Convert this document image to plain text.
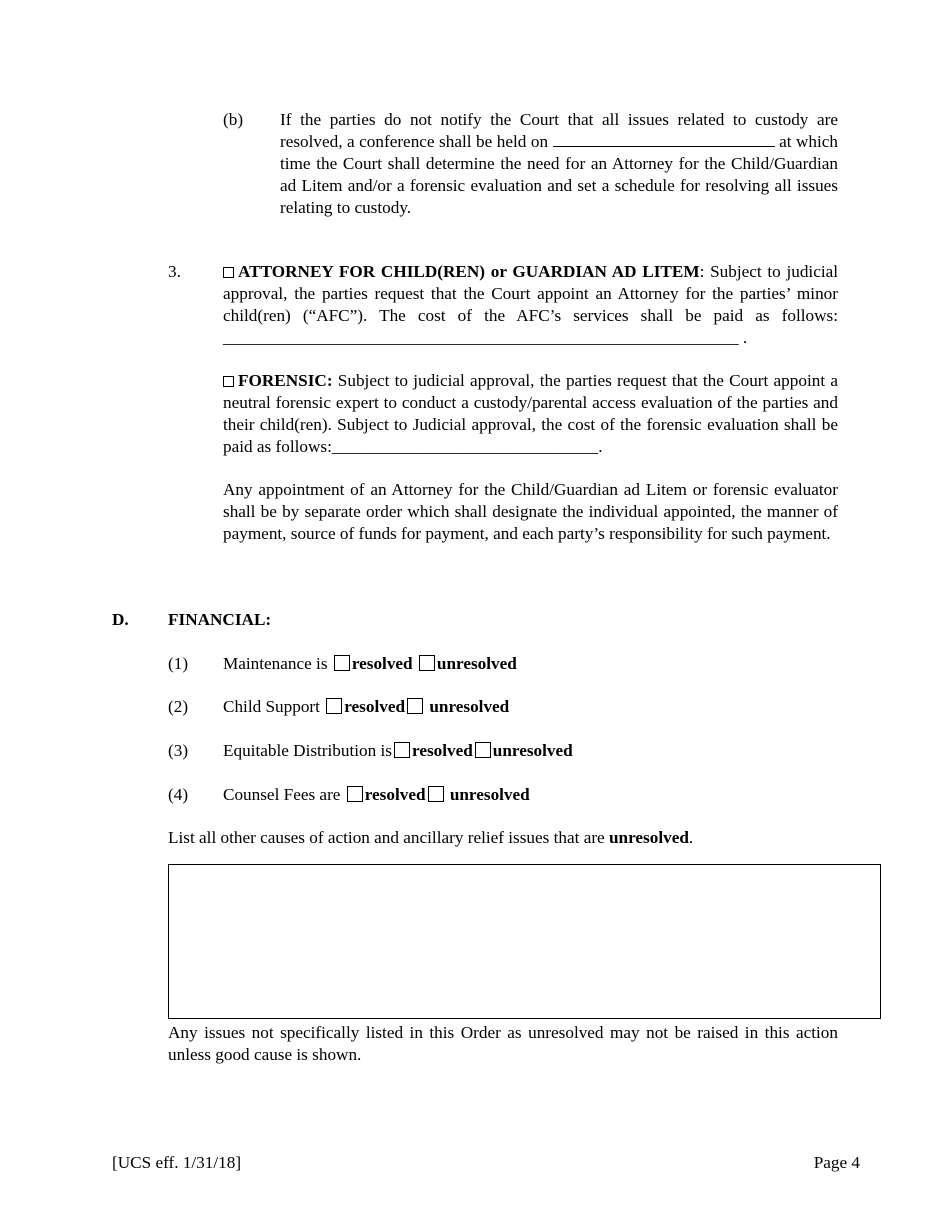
(b) If the parties do not notify the Court that all issues related to custody are resolved, a conference shall be held on	at which time the Court shall determine the need for an Attorney for the Child/Guardian ad Litem and/or a forensic evaluation and set a schedule for resolving all issues relating to custody.
3.	ATTORNEY FOR CHILD(REN) or GUARDIAN AD LITEM: Subject to judicial approval, the parties request that the Court appoint an Attorney for the parties’ minor child(ren) (“AFC”). The cost of the AFC’s services shall be paid as follows: ____________________________________________________________ .
FORENSIC: Subject to judicial approval, the parties request that the Court appoint a neutral forensic expert to conduct a custody/parental access evaluation of the parties and their child(ren). Subject to Judicial approval, the cost of the forensic evaluation shall be paid as follows:_______________________________.
Any appointment of an Attorney for the Child/Guardian ad Litem or forensic evaluator shall be by separate order which shall designate the individual appointed, the manner of payment, source of funds for payment, and each party’s responsibility for such payment.
D. FINANCIAL:
(1) Maintenance is resolved unresolved
(2) Child Support resolved unresolved
(3) Equitable Distribution is resolved unresolved
(4) Counsel Fees are resolved unresolved
List all other causes of action and ancillary relief issues that are unresolved.
Any issues not specifically listed in this Order as unresolved may not be raised in this action unless good cause is shown.
[UCS eff. 1/31/18]	Page 4
